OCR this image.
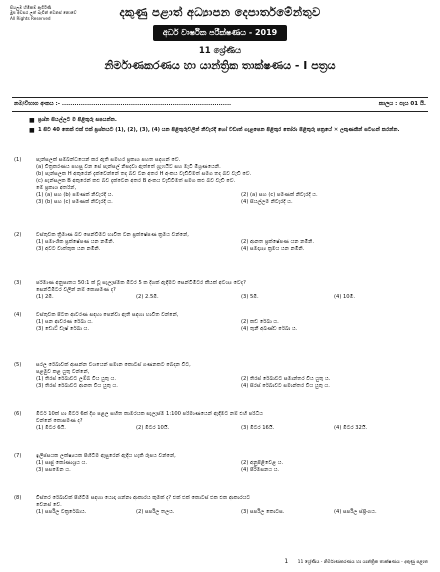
සියලුම හිමිකම් ඇවිරිණි
මුළු අවසර ලත් බැවින් වෙනස් නොවේ
All Rights Reserved	දකුණු පළාත් අධ්‍යාපන දෙපාර්තමේන්තුව
අර්ධ වාර්ෂික පරීක්ෂණය - 2019
11 ශ්‍රේණිය
නිර්මාණකරණය හා යාන්ත්‍රික තාක්ෂණය - I පත්‍රය
නම/විභාග අංකය :- .................................................................................	කාලය : පැය 01 යි.
■ ප්‍රශ්න සියල්ලට ම පිළිතුරු සපයන්න.
■ 1 සිට 40 තෙක් එක් එක් ප්‍රශ්නයට (1), (2), (3), (4) යන පිළිතුරුවලින් නිවැරදි හෝ වඩාත් ගැළපෙන පිළිතුර තෝරා පිළිතුරු පත්‍රයේ ✕ ලකුණකින් සටහන් කරන්න.
(1)	පැන්සලක් සම්බන්ධයෙන් කර ඇති සමහර ප්‍රකාශ පහත සඳහන් වේ.
(a) චිත්‍රකරණය පහසු වන සේ පැන්සල් නිපදවා ඇත්තේ ග්‍රැෆයිට් සහ මැටි මිශ්‍රණයෙනි.
(b) පැන්සලක H අකුරෙන් දැක්වෙන්නේ තද බව වන අතර H අංකය වැඩිවීමත් සමග තද බව වැඩි වේ.
(c) පැන්සලක B අකුරෙන් කළු බව දැක්වෙන අතර B අංකය වැඩිවීමත් සමග කළු බව වැඩි වේ.
මේ ප්‍රකාශ අතරින්,
(1) (a) සහ (b) පමණක් නිවැරදි ය.	(2) (a) සහ (c) පමණක් නිවැරදි ය.
(3) (b) සහ (c) පමණක් නිවැරදි ය.	(4) සියල්ලම නිවැරදි ය.
(2)	වස්තුවක ත්‍රිමාණ බව පෙන්වීමට භාවිත වන ප්‍රක්ෂේපණ ක්‍රමය වන්නේ,
(1) සමාංශික ප්‍රක්ෂේපණ යන නමිනි.	(2) ආනත ප්‍රක්ෂේපණ යන නමිනි.
(3) අවට වාත්තුක යන නමිනි.	(4) සමදෘශ්‍ය ක්‍රමය යන නමිනි.
(3)	පරිමාණ අනුපාතය 50:1 ක් වූ සැලැස්මක මීටර 5 ක දිගක් ඇඳීමට සෙන්ටිමීටර කීයක් අවශ්‍ය වේද?
සෙන්ටිමීටර වලින් නම් කොපමණ ද?
(1) 2මී.	(2) 2.5මී.	(3) 5මී.	(4) 10මී.
(4)	වස්තුවක පිටත ආවරණ සඳහා පෙන්වා ඇති සඳහා භාවිත වන්නේ,
(1) ඝන ආවරණ රේඛා ය.	(2) කඩ රේඛා ය.
(3) ඩොට් ඩෑෂ් රේඛා ය.	(4) තුනී අඛණ්ඩ රේඛා ය.
(5)	සරල රේඛාවක් ආසන්න වශයෙන් සමාන කොටස් ගණනකට බෙදන විට,
පළමුව කළ යුතු වන්නේ,
(1) තිරස් රේඛාවට ලම්බ විය යුතු ය.	(2) තිරස් රේඛාවට සමාන්තර විය යුතු ය.
(3) තිරස් රේඛාවට ආනත විය යුතු ය.	(4) සිරස් රේඛාවට සමාන්තර විය යුතු ය.
(6)	මීටර් 10ක් හා මීටර් 6ක් දිග පළල සහිත කාමරයක සැලැස්ම 1:100 පරිමාණයෙන් ඇඳීමට නම් එහි පරිධිය
වන්නේ කොපමණ ද?
(1) මීටර 6යි.	(2) මීටර 10යි.	(3) මීටර 16යි.	(4) මීටර 32යි.
(7)	ඉලිප්සයක ලක්ෂ්‍යයක පිහිටීම ඇසුරෙන් ඇඳිය හැකි රූපය වන්නේ,
(1) සෘජු කෝණාශ්‍රය ය.	(2) අනුපිළිවෙළ ය.
(3) පසමෙන ය.	(4) පිරිමසනය ය.
(8)	විස්තර රේඛාවක් පිහිටීම සඳහා යොදා ගන්නා ආකාරය කුමක් ද? එක් එක් කොටස් එක එක ආකාරයට
වෙනස් වේ.
(1) සර්පිල වක්‍රරේඛාය.	(2) සර්පිල තලය.	(3) සර්පිල කොටස.	(4) සර්පිල ස්ප්‍රිංගය.
1 11 ශ්‍රේණිය - නිර්මාණකරණය හා යාන්ත්‍රික තාක්ෂණය - දකුණු පළාත
